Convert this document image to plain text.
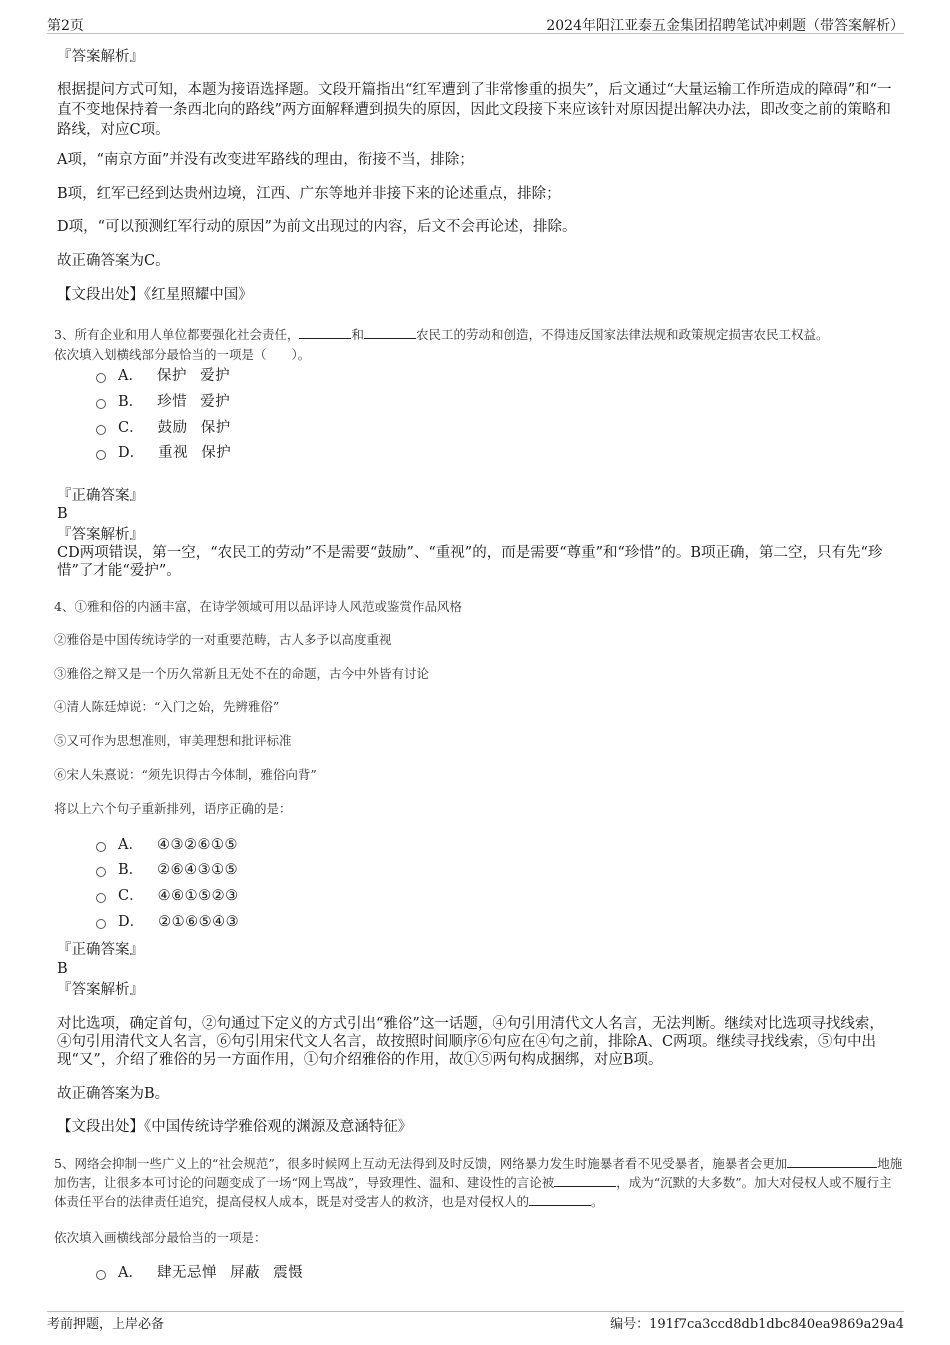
第2页	2024年阳江亚泰五金集团招聘笔试冲刺题（带答案解析）
『答案解析』
根据提问方式可知，本题为接语选择题。文段开篇指出“红军遭到了非常惨重的损失”，后文通过“大量运输工作所造成的障碍”和“一直不变地保持着一条西北向的路线”两方面解释遭到损失的原因，因此文段接下来应该针对原因提出解决办法，即改变之前的策略和路线，对应C项。
A项，“南京方面”并没有改变进军路线的理由，衔接不当，排除；
B项，红军已经到达贵州边境，江西、广东等地并非接下来的论述重点，排除；
D项，“可以预测红军行动的原因”为前文出现过的内容，后文不会再论述，排除。
故正确答案为C。
【文段出处】《红星照耀中国》
3、所有企业和用人单位都要强化社会责任，	和	农民工的劳动和创造，不得违反国家法律法规和政策规定损害农民工权益。
依次填入划横线部分最恰当的一项是（　　）。
A． 保护 爱护
B． 珍惜 爱护
C． 鼓励 保护
D． 重视 保护
『正确答案』
B
『答案解析』
CD两项错误，第一空，“农民工的劳动”不是需要“鼓励”、“重视”的，而是需要“尊重”和“珍惜”的。B项正确，第二空，只有先“珍惜”了才能“爱护”。
4、①雅和俗的内涵丰富，在诗学领域可用以品评诗人风范或鉴赏作品风格
②雅俗是中国传统诗学的一对重要范畴，古人多予以高度重视
③雅俗之辩又是一个历久常新且无处不在的命题，古今中外皆有讨论
④清人陈廷焯说：“入门之始，先辨雅俗”
⑤又可作为思想准则，审美理想和批评标准
⑥宋人朱熹说：“须先识得古今体制，雅俗向背”
将以上六个句子重新排列，语序正确的是：
A． ④③②⑥①⑤
B． ②⑥④③①⑤
C． ④⑥①⑤②③
D． ②①⑥⑤④③
『正确答案』
B
『答案解析』
对比选项，确定首句，②句通过下定义的方式引出“雅俗”这一话题，④句引用清代文人名言，无法判断。继续对比选项寻找线索，④句引用清代文人名言，⑥句引用宋代文人名言，故按照时间顺序⑥句应在④句之前，排除A、C两项。继续寻找线索，⑤句中出现“又”，介绍了雅俗的另一方面作用，①句介绍雅俗的作用，故①⑤两句构成捆绑，对应B项。
故正确答案为B。
【文段出处】《中国传统诗学雅俗观的渊源及意涵特征》
5、网络会抑制一些广义上的“社会规范”，很多时候网上互动无法得到及时反馈，网络暴力发生时施暴者看不见受暴者，施暴者会更加	地施加伤害，让很多本可讨论的问题变成了一场“网上骂战”，导致理性、温和、建设性的言论被	，成为“沉默的大多数”。加大对侵权人或不履行主体责任平台的法律责任追究，提高侵权人成本，既是对受害人的救济，也是对侵权人的	。
依次填入画横线部分最恰当的一项是：
A． 肆无忌惮 屏蔽 震慑
考前押题，上岸必备	编号：191f7ca3ccd8db1dbc840ea9869a29a4
